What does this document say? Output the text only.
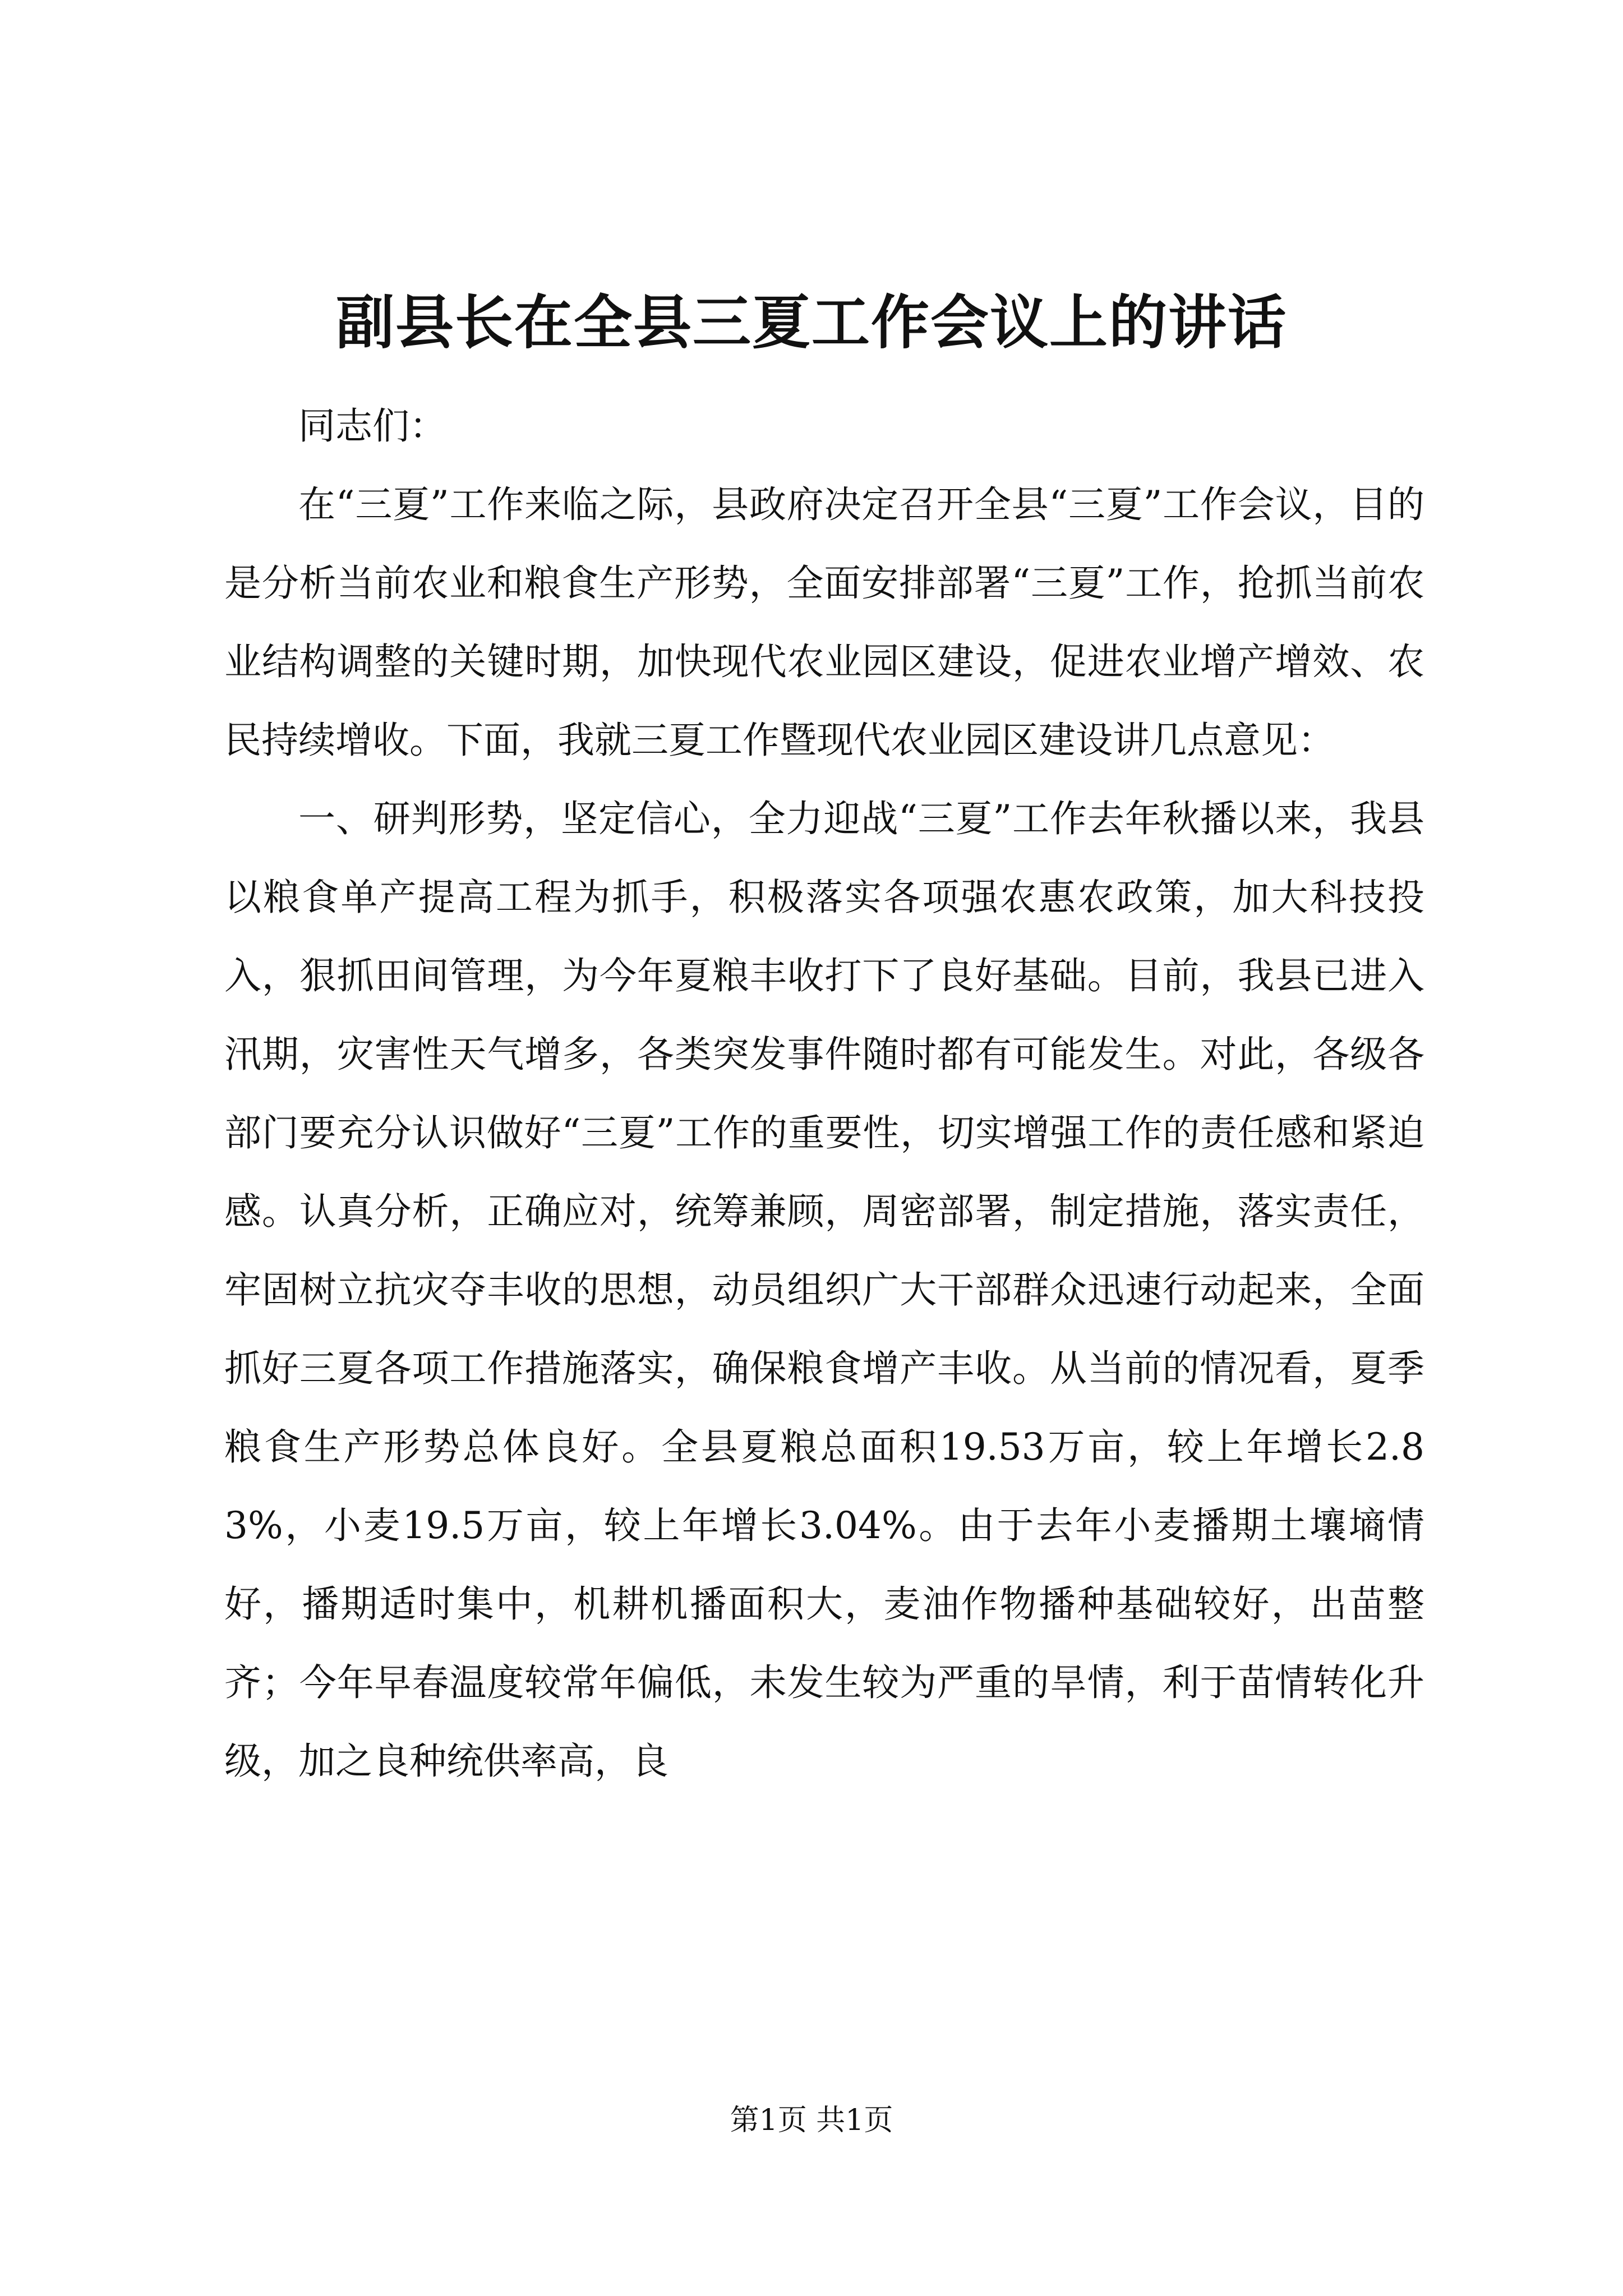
副县长在全县三夏工作会议上的讲话

同志们：

在“三夏”工作来临之际，县政府决定召开全县“三夏”工作会议，目的是分析当前农业和粮食生产形势，全面安排部署“三夏”工作，抢抓当前农业结构调整的关键时期，加快现代农业园区建设，促进农业增产增效、农民持续增收。下面，我就三夏工作暨现代农业园区建设讲几点意见：

一、研判形势，坚定信心，全力迎战“三夏”工作去年秋播以来，我县以粮食单产提高工程为抓手，积极落实各项强农惠农政策，加大科技投入，狠抓田间管理，为今年夏粮丰收打下了良好基础。目前，我县已进入汛期，灾害性天气增多，各类突发事件随时都有可能发生。对此，各级各部门要充分认识做好“三夏”工作的重要性，切实增强工作的责任感和紧迫感。认真分析，正确应对，统筹兼顾，周密部署，制定措施，落实责任，牢固树立抗灾夺丰收的思想，动员组织广大干部群众迅速行动起来，全面抓好三夏各项工作措施落实，确保粮食增产丰收。从当前的情况看，夏季粮食生产形势总体良好。全县夏粮总面积19.53万亩，较上年增长2.83%，小麦19.5万亩，较上年增长3.04%。由于去年小麦播期土壤墒情好，播期适时集中，机耕机播面积大，麦油作物播种基础较好，出苗整齐；今年早春温度较常年偏低，未发生较为严重的旱情，利于苗情转化升级，加之良种统供率高，良

第1页 共1页
